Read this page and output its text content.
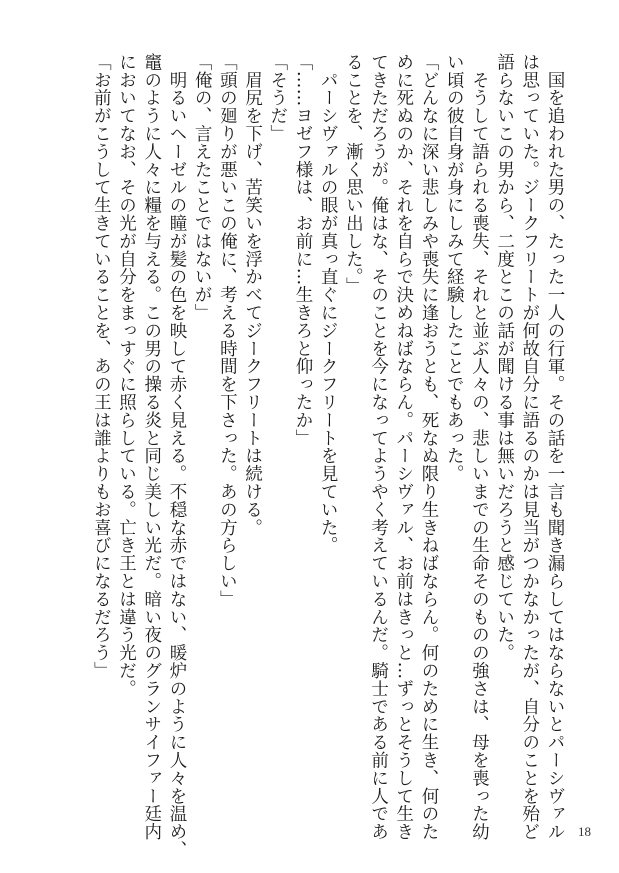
　国を追われた男の、たった一人の行軍。その話を一言も聞き漏らしてはならないとパーシヴァル

は思っていた。ジークフリートが何故自分に語るのかは見当がつかなかったが、自分のことを殆ど

語らないこの男から、二度とこの話が聞ける事は無いだろうと感じていた。

　そうして語られる喪失、それと並ぶ人々の、悲しいまでの生命そのものの強さは、母を喪った幼

い頃の彼自身が身にしみて経験したことでもあった。

「どんなに深い悲しみや喪失に逢おうとも、死なぬ限り生きねばならん。何のために生き、何のた

めに死ぬのか、それを自らで決めねばならん。パーシヴァル、お前はきっと…ずっとそうして生き

てきただろうが。俺はな、そのことを今になってようやく考えているんだ。騎士である前に人であ

ることを、漸く思い出した。」

　パーシヴァルの眼が真っ直ぐにジークフリートを見ていた。

「……ヨゼフ様は、お前に…生きろと仰ったか」

「そうだ」

　眉尻を下げ、苦笑いを浮かべてジークフリートは続ける。

「頭の廻りが悪いこの俺に、考える時間を下さった。あの方らしい」

「俺の、言えたことではないが」

　明るいヘーゼルの瞳が髪の色を映して赤く見える。不穏な赤ではない、暖炉のように人々を温め、

竈のように人々に糧を与える。この男の操る炎と同じ美しい光だ。暗い夜のグランサイファー廷内

においてなお、その光が自分をまっすぐに照らしている。亡き王とは違う光だ。

「お前がこうして生きていることを、あの王は誰よりもお喜びになるだろう」

18
